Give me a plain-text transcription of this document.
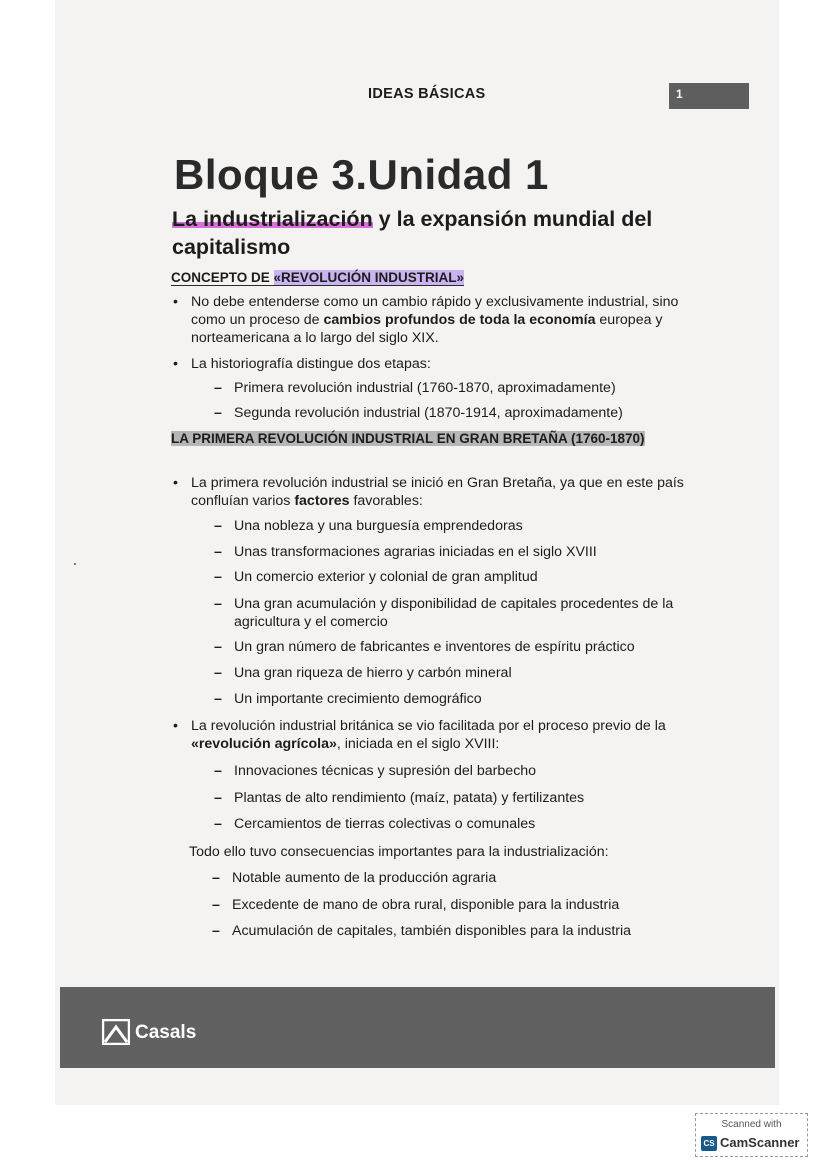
IDEAS BÁSICAS	1
Bloque 3.Unidad 1
La industrialización y la expansión mundial del capitalismo
CONCEPTO DE «REVOLUCIÓN INDUSTRIAL»
• No debe entenderse como un cambio rápido y exclusivamente industrial, sino como un proceso de cambios profundos de toda la economía europea y norteamericana a lo largo del siglo XIX.
• La historiografía distingue dos etapas:
– Primera revolución industrial (1760-1870, aproximadamente)
– Segunda revolución industrial (1870-1914, aproximadamente)
LA PRIMERA REVOLUCIÓN INDUSTRIAL EN GRAN BRETAÑA (1760-1870)
• La primera revolución industrial se inició en Gran Bretaña, ya que en este país confluían varios factores favorables:
– Una nobleza y una burguesía emprendedoras
– Unas transformaciones agrarias iniciadas en el siglo XVIII
– Un comercio exterior y colonial de gran amplitud
– Una gran acumulación y disponibilidad de capitales procedentes de la agricultura y el comercio
– Un gran número de fabricantes e inventores de espíritu práctico
– Una gran riqueza de hierro y carbón mineral
– Un importante crecimiento demográfico
• La revolución industrial británica se vio facilitada por el proceso previo de la «revolución agrícola», iniciada en el siglo XVIII:
– Innovaciones técnicas y supresión del barbecho
– Plantas de alto rendimiento (maíz, patata) y fertilizantes
– Cercamientos de tierras colectivas o comunales
Todo ello tuvo consecuencias importantes para la industrialización:
– Notable aumento de la producción agraria
– Excedente de mano de obra rural, disponible para la industria
– Acumulación de capitales, también disponibles para la industria
Casals
Scanned with
CS CamScanner
